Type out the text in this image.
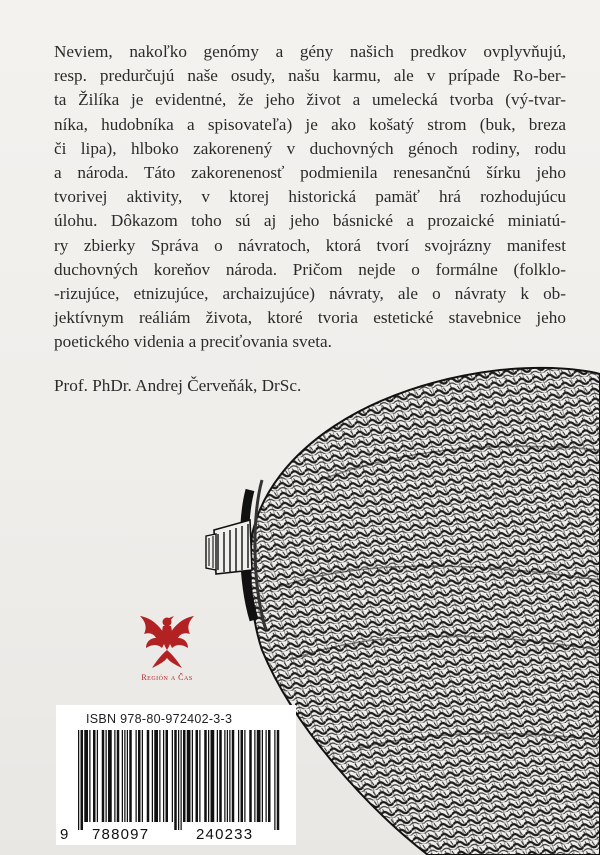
Neviem, nakoľko genómy a gény našich predkov ovplyvňujú,
resp. predurčujú naše osudy, našu karmu, ale v prípade Ro-ber-
ta Žilíka je evidentné, že jeho život a umelecká tvorba (vý-tvar-
níka, hudobníka a spisovateľa) je ako košatý strom (buk, breza
či lipa), hlboko zakorenený v duchovných génoch rodiny, rodu
a národa. Táto zakorenenosť podmienila renesančnú šírku jeho
tvorivej aktivity, v ktorej historická pamäť hrá rozhodujúcu
úlohu. Dôkazom toho sú aj jeho básnické a prozaické miniatú-
ry zbierky Správa o návratoch, ktorá tvorí svojrázny manifest
duchovných koreňov národa. Pričom nejde o formálne (folklo-
-rizujúce, etnizujúce, archaizujúce) návraty, ale o návraty k ob-
jektívnym reáliám života, ktoré tvoria estetické stavebnice jeho
poetického videnia a preciťovania sveta.
Prof. PhDr. Andrej Červeňák, DrSc.
Región a Čas
ISBN 978-80-972402-3-3
9 788097	240233
